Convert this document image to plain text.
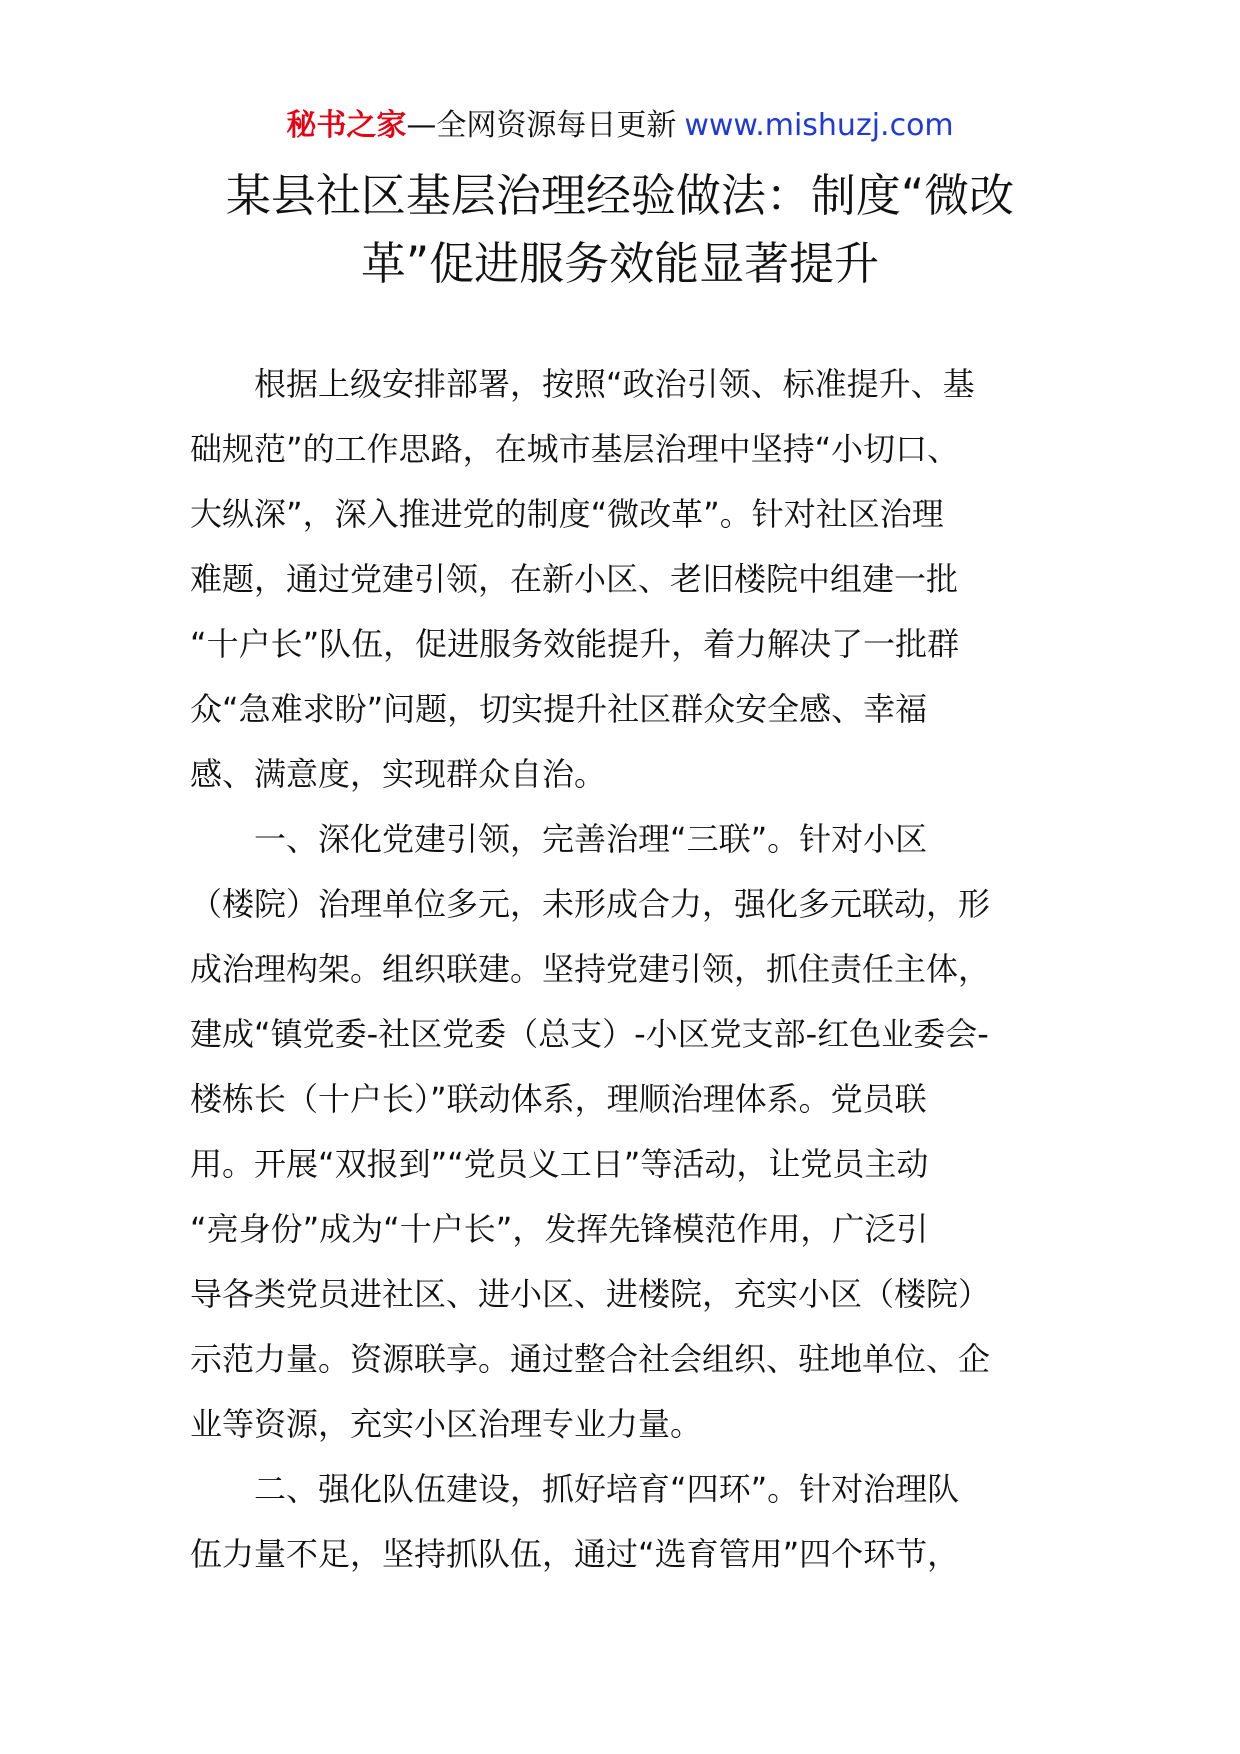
秘书之家—全网资源每日更新 www.mishuzj.com
某县社区基层治理经验做法：制度“微改
革”促进服务效能显著提升
根据上级安排部署，按照“政治引领、标准提升、基
础规范”的工作思路，在城市基层治理中坚持“小切口、
大纵深”，深入推进党的制度“微改革”。针对社区治理
难题，通过党建引领，在新小区、老旧楼院中组建一批
“十户长”队伍，促进服务效能提升，着力解决了一批群
众“急难求盼”问题，切实提升社区群众安全感、幸福
感、满意度，实现群众自治。
一、深化党建引领，完善治理“三联”。针对小区
（楼院）治理单位多元，未形成合力，强化多元联动，形
成治理构架。组织联建。坚持党建引领，抓住责任主体，
建成“镇党委-社区党委（总支）-小区党支部-红色业委会-
楼栋长（十户长）”联动体系，理顺治理体系。党员联
用。开展“双报到”“党员义工日”等活动，让党员主动
“亮身份”成为“十户长”，发挥先锋模范作用，广泛引
导各类党员进社区、进小区、进楼院，充实小区（楼院）
示范力量。资源联享。通过整合社会组织、驻地单位、企
业等资源，充实小区治理专业力量。
二、强化队伍建设，抓好培育“四环”。针对治理队
伍力量不足，坚持抓队伍，通过“选育管用”四个环节，
